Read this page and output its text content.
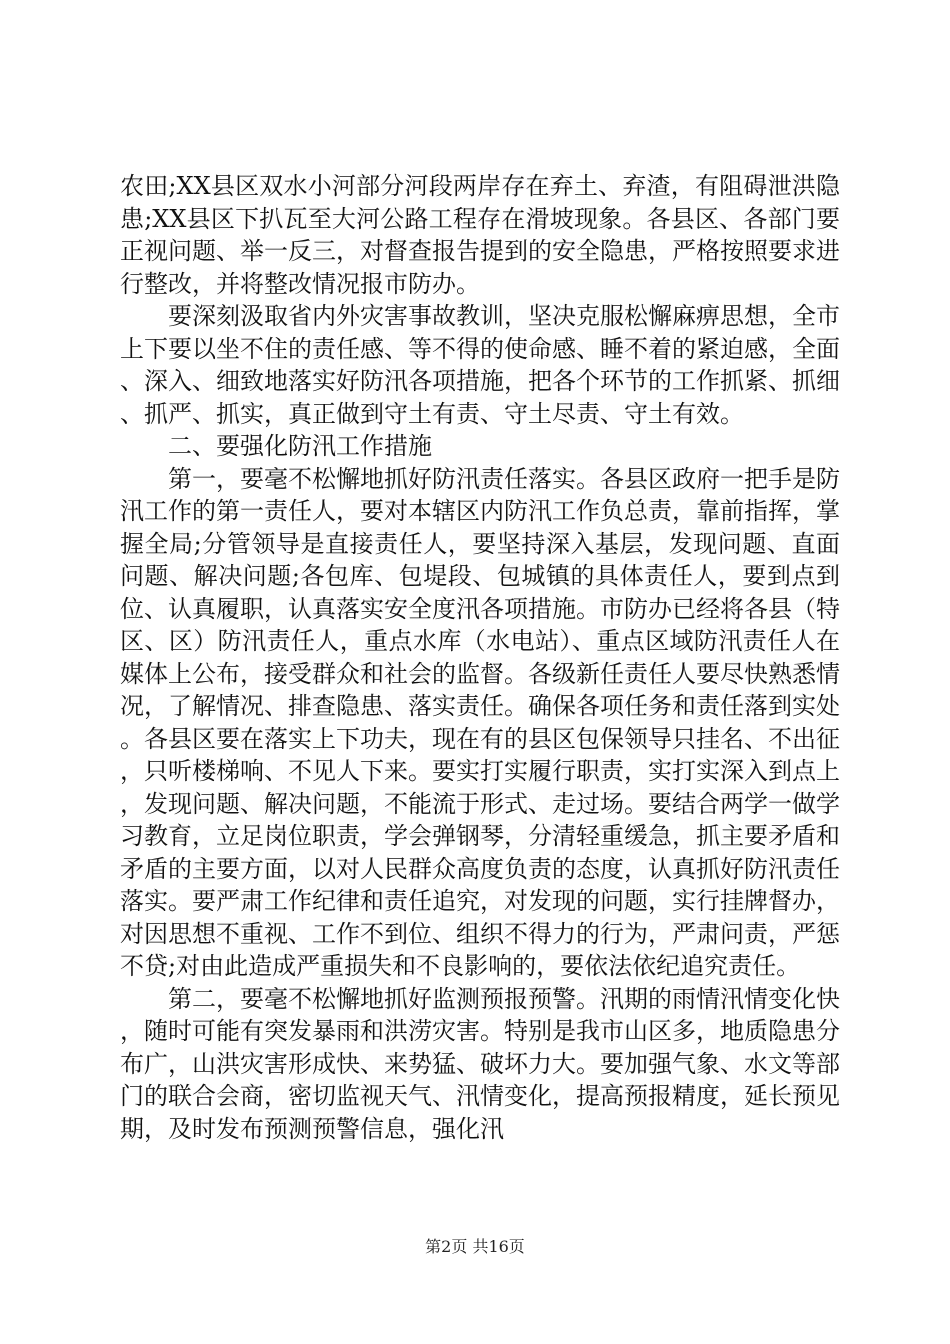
农田;XX县区双水小河部分河段两岸存在弃土、弃渣，有阻碍泄洪隐患;XX县区下扒瓦至大河公路工程存在滑坡现象。各县区、各部门要正视问题、举一反三，对督查报告提到的安全隐患，严格按照要求进行整改，并将整改情况报市防办。

要深刻汲取省内外灾害事故教训，坚决克服松懈麻痹思想，全市上下要以坐不住的责任感、等不得的使命感、睡不着的紧迫感，全面、深入、细致地落实好防汛各项措施，把各个环节的工作抓紧、抓细、抓严、抓实，真正做到守土有责、守土尽责、守土有效。

二、要强化防汛工作措施

第一，要毫不松懈地抓好防汛责任落实。各县区政府一把手是防汛工作的第一责任人，要对本辖区内防汛工作负总责，靠前指挥，掌握全局;分管领导是直接责任人，要坚持深入基层，发现问题、直面问题、解决问题;各包库、包堤段、包城镇的具体责任人，要到点到位、认真履职，认真落实安全度汛各项措施。市防办已经将各县（特区、区）防汛责任人，重点水库（水电站）、重点区域防汛责任人在媒体上公布，接受群众和社会的监督。各级新任责任人要尽快熟悉情况，了解情况、排查隐患、落实责任。确保各项任务和责任落到实处。各县区要在落实上下功夫，现在有的县区包保领导只挂名、不出征，只听楼梯响、不见人下来。要实打实履行职责，实打实深入到点上，发现问题、解决问题，不能流于形式、走过场。要结合两学一做学习教育，立足岗位职责，学会弹钢琴，分清轻重缓急，抓主要矛盾和矛盾的主要方面，以对人民群众高度负责的态度，认真抓好防汛责任落实。要严肃工作纪律和责任追究，对发现的问题，实行挂牌督办，对因思想不重视、工作不到位、组织不得力的行为，严肃问责，严惩不贷;对由此造成严重损失和不良影响的，要依法依纪追究责任。

第二，要毫不松懈地抓好监测预报预警。汛期的雨情汛情变化快，随时可能有突发暴雨和洪涝灾害。特别是我市山区多，地质隐患分布广，山洪灾害形成快、来势猛、破坏力大。要加强气象、水文等部门的联合会商，密切监视天气、汛情变化，提高预报精度，延长预见期，及时发布预测预警信息，强化汛

第2页 共16页
